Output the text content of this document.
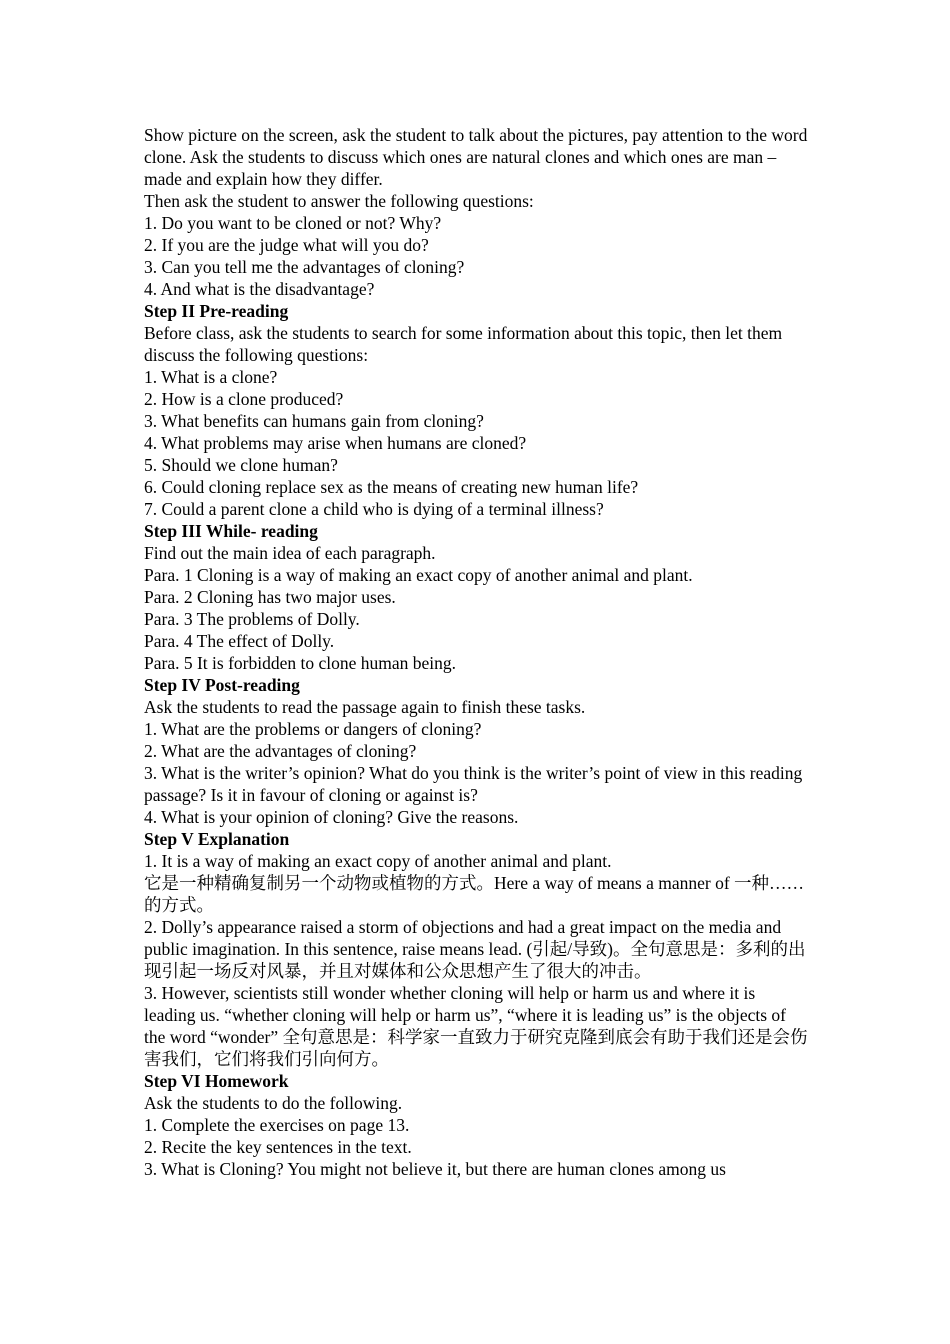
Show picture on the screen, ask the student to talk about the pictures, pay attention to the word clone. Ask the students to discuss which ones are natural clones and which ones are man – made and explain how they differ.

Then ask the student to answer the following questions:

1. Do you want to be cloned or not? Why?

2. If you are the judge what will you do?

3. Can you tell me the advantages of cloning?

4. And what is the disadvantage?

Step II Pre-reading

Before class, ask the students to search for some information about this topic, then let them discuss the following questions:

1. What is a clone?

2. How is a clone produced?

3. What benefits can humans gain from cloning?

4. What problems may arise when humans are cloned?

5. Should we clone human?

6. Could cloning replace sex as the means of creating new human life?

7. Could a parent clone a child who is dying of a terminal illness?

Step III While- reading

Find out the main idea of each paragraph.

Para. 1 Cloning is a way of making an exact copy of another animal and plant.

Para. 2 Cloning has two major uses.

Para. 3 The problems of Dolly.

Para. 4 The effect of Dolly.

Para. 5 It is forbidden to clone human being.

Step IV Post-reading

Ask the students to read the passage again to finish these tasks.

1. What are the problems or dangers of cloning?

2. What are the advantages of cloning?

3. What is the writer’s opinion? What do you think is the writer’s point of view in this reading passage? Is it in favour of cloning or against is?

4. What is your opinion of cloning? Give the reasons.

Step V Explanation

1. It is a way of making an exact copy of another animal and plant.

它是一种精确复制另一个动物或植物的方式。Here a way of means a manner of 一种……的方式。

2. Dolly’s appearance raised a storm of objections and had a great impact on the media and public imagination. In this sentence, raise means lead. (引起/导致)。全句意思是：多利的出现引起一场反对风暴，并且对媒体和公众思想产生了很大的冲击。

3. However, scientists still wonder whether cloning will help or harm us and where it is leading us. “whether cloning will help or harm us”, “where it is leading us” is the objects of the word “wonder” 全句意思是：科学家一直致力于研究克隆到底会有助于我们还是会伤害我们，它们将我们引向何方。

Step VI Homework

Ask the students to do the following.

1. Complete the exercises on page 13.

2. Recite the key sentences in the text.

3. What is Cloning? You might not believe it, but there are human clones among us
